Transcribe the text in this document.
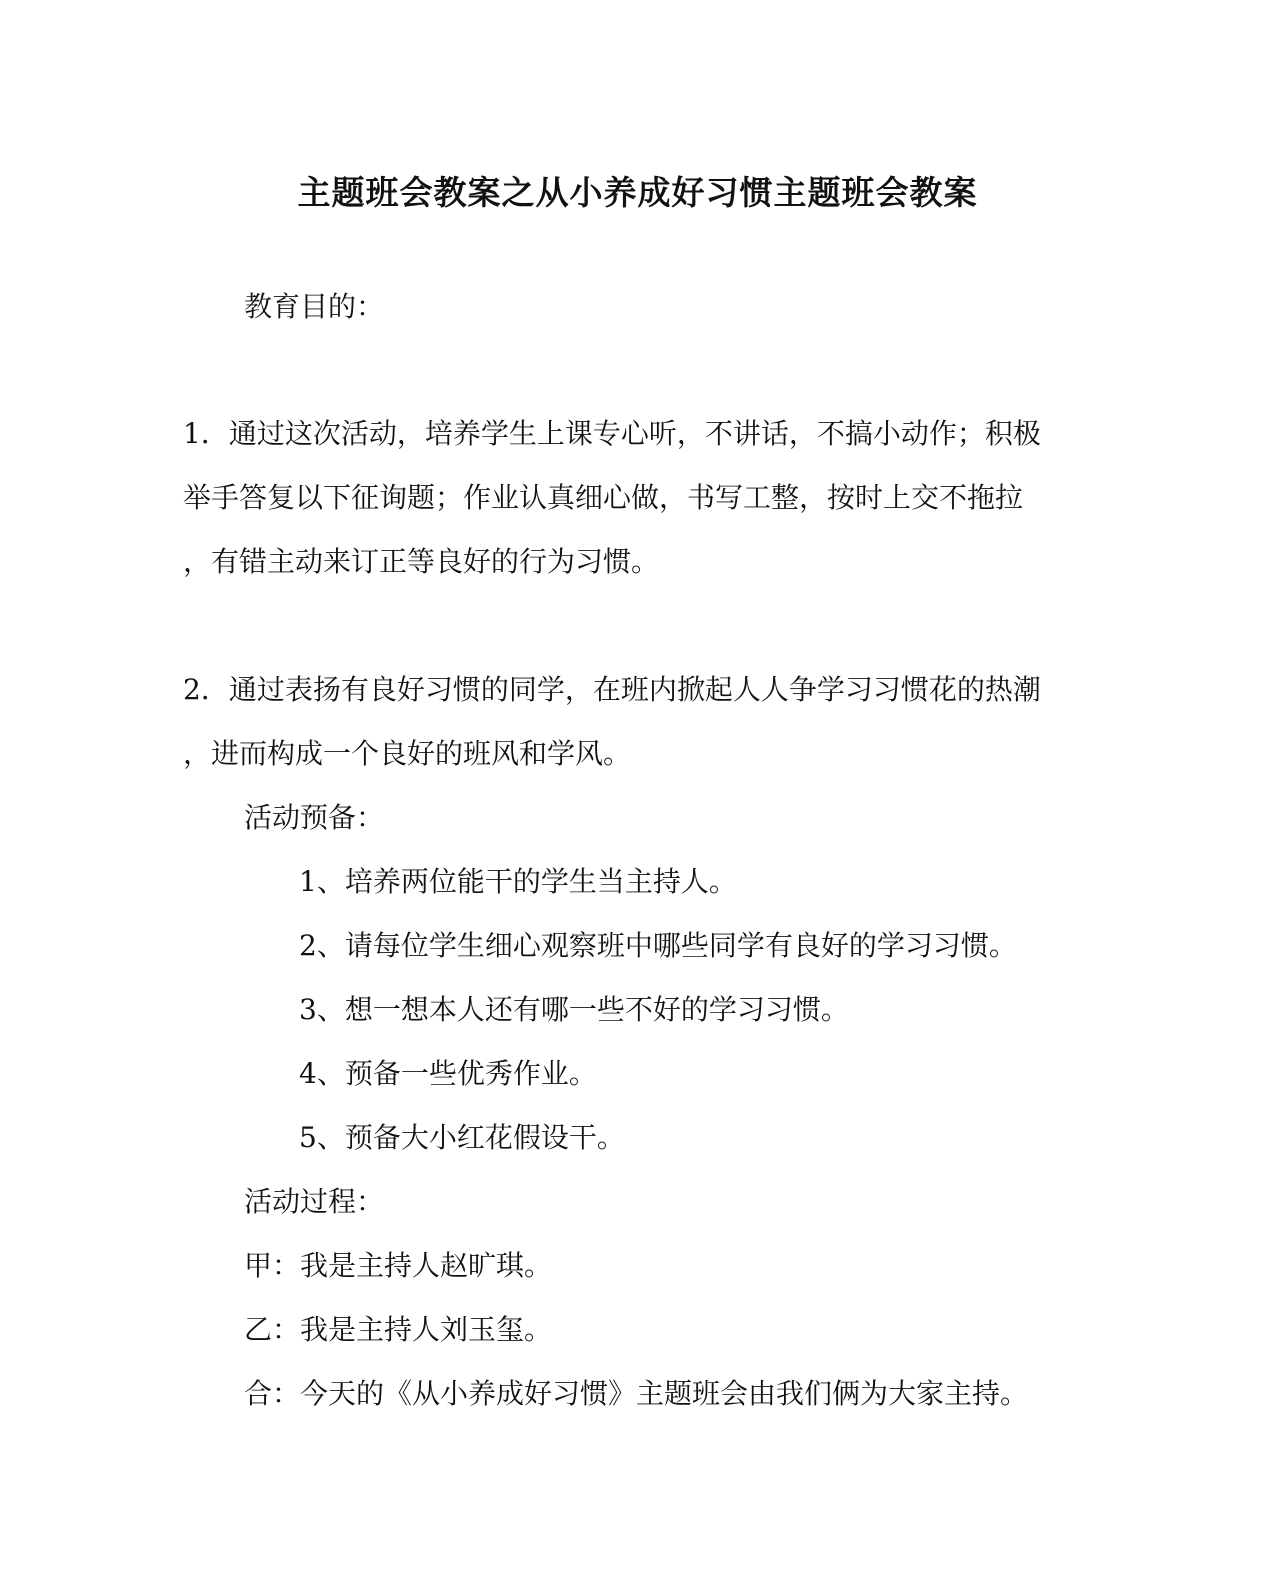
主题班会教案之从小养成好习惯主题班会教案

教育目的：

1．通过这次活动，培养学生上课专心听，不讲话，不搞小动作；积极

举手答复以下征询题；作业认真细心做，书写工整，按时上交不拖拉

，有错主动来订正等良好的行为习惯。

2．通过表扬有良好习惯的同学，在班内掀起人人争学习习惯花的热潮

，进而构成一个良好的班风和学风。

活动预备：

1、培养两位能干的学生当主持人。

2、请每位学生细心观察班中哪些同学有良好的学习习惯。

3、想一想本人还有哪一些不好的学习习惯。

4、预备一些优秀作业。

5、预备大小红花假设干。

活动过程：

甲：我是主持人赵旷琪。

乙：我是主持人刘玉玺。

合：今天的《从小养成好习惯》主题班会由我们俩为大家主持。
